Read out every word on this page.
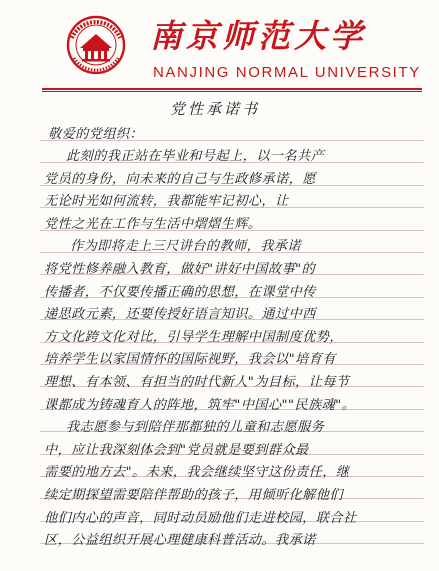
南京师范大学
NANJING NORMAL UNIVERSITY
党性承诺书
敬爱的党组织：
此刻的我正站在毕业和号起上，以一名共产
党员的身份，向未来的自己与生政修承诺，愿
无论时光如何流转，我都能牢记初心，让
党性之光在工作与生活中熠熠生辉。
作为即将走上三尺讲台的教师，我承诺
将党性修养融入教育，做好"讲好中国故事"的
传播者，不仅要传播正确的思想，在课堂中传
递思政元素，还要传授好语言知识。通过中西
方文化跨文化对比，引导学生理解中国制度优势，
培养学生以家国情怀的国际视野，我会以"培育有
理想、有本领、有担当的时代新人"为目标，让每节
课都成为铸魂育人的阵地，筑牢"中国心""民族魂"。
我志愿参与到陪伴那都独的儿童和志愿服务
中，应让我深刻体会到"党员就是要到群众最
需要的地方去"。未来，我会继续坚守这份责任，继
续定期探望需要陪伴帮助的孩子，用倾听化解他们
他们内心的声音，同时动员励他们走进校园，联合社
区，公益组织开展心理健康科普活动。我承诺
